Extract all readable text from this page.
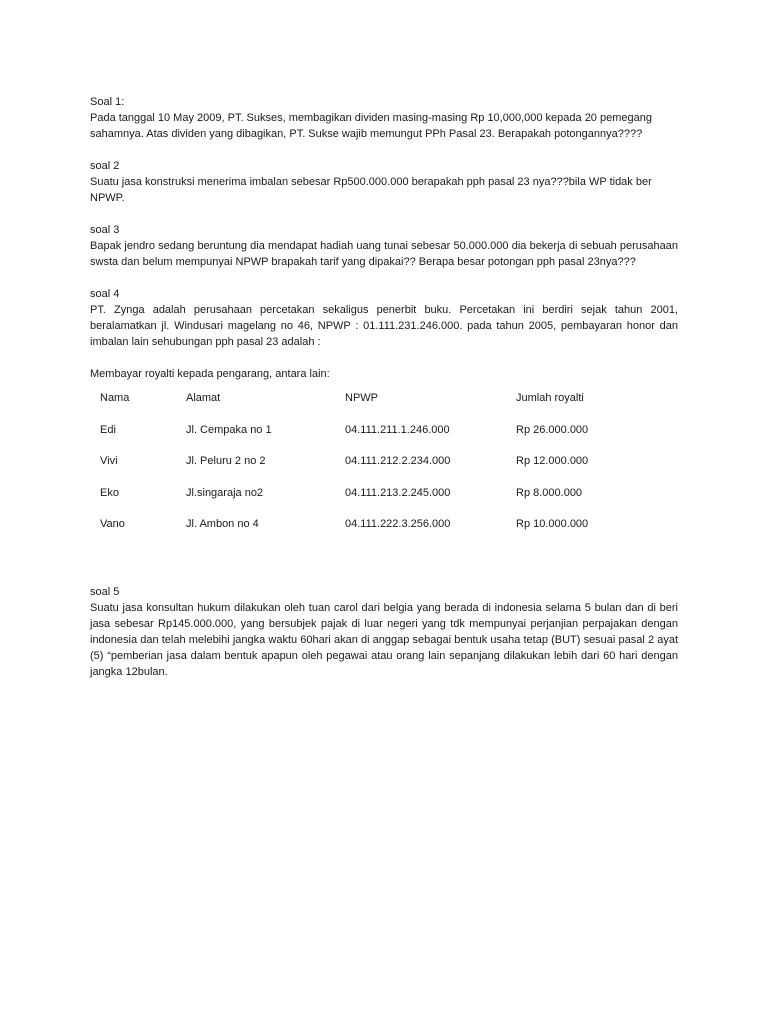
Soal 1:

Pada tanggal 10 May 2009, PT. Sukses, membagikan dividen masing-masing Rp 10,000,000 kepada 20 pemegang sahamnya. Atas dividen yang dibagikan, PT. Sukse wajib memungut PPh Pasal 23. Berapakah potongannya????

soal 2

Suatu jasa konstruksi menerima imbalan sebesar Rp500.000.000 berapakah pph pasal 23 nya???bila WP tidak ber NPWP.

soal 3

Bapak jendro sedang beruntung dia mendapat hadiah uang tunai sebesar 50.000.000 dia bekerja di sebuah perusahaan swsta dan belum mempunyai NPWP brapakah tarif yang dipakai?? Berapa besar potongan pph pasal 23nya???

soal 4

PT. Zynga adalah perusahaan percetakan sekaligus penerbit buku. Percetakan ini berdiri sejak tahun 2001, beralamatkan jl. Windusari magelang no 46, NPWP : 01.111.231.246.000. pada tahun 2005, pembayaran honor dan imbalan lain sehubungan pph pasal 23 adalah :

Membayar royalti kepada pengarang, antara lain:

Nama	Alamat	NPWP	Jumlah royalti
Edi	Jl. Cempaka no 1	04.111.211.1.246.000	Rp 26.000.000
Vivi	Jl. Peluru 2 no 2	04.111.212.2.234.000	Rp 12.000.000
Eko	Jl.singaraja no2	04.111.213.2.245.000	Rp 8.000.000
Vano	Jl. Ambon no 4	04.111.222.3.256.000	Rp 10.000.000

soal 5

Suatu jasa konsultan hukum dilakukan oleh tuan carol dari belgia yang berada di indonesia selama 5 bulan dan di beri jasa sebesar Rp145.000.000, yang bersubjek pajak di luar negeri yang tdk mempunyai perjanjian perpajakan dengan indonesia dan telah melebihi jangka waktu 60hari akan di anggap sebagai bentuk usaha tetap (BUT) sesuai pasal 2 ayat (5) “pemberian jasa dalam bentuk apapun oleh pegawai atau orang lain sepanjang dilakukan lebih dari 60 hari dengan jangka 12bulan.
